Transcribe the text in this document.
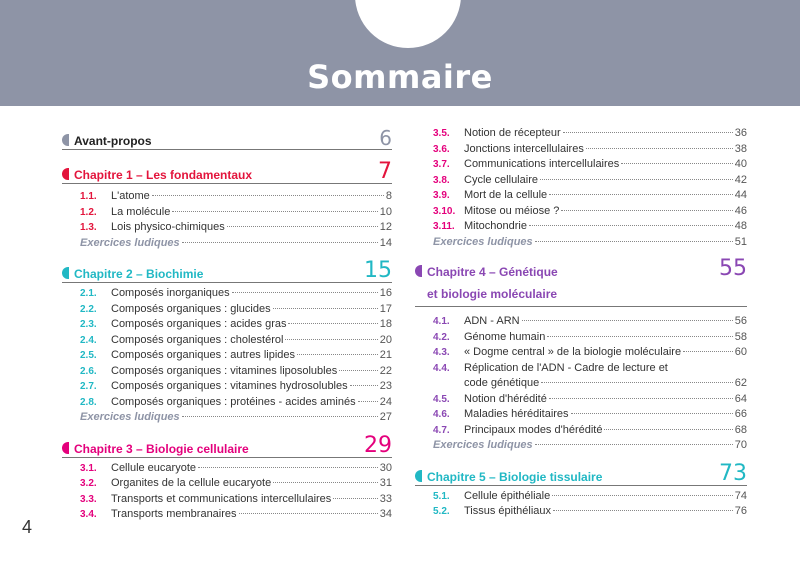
Sommaire
Avant-propos	6
Chapitre 1 – Les fondamentaux	7
1.1.	L'atome	8
1.2.	La molécule	10
1.3.	Lois physico-chimiques	12
Exercices ludiques	14
Chapitre 2 – Biochimie	15
2.1.	Composés inorganiques	16
2.2.	Composés organiques : glucides	17
2.3.	Composés organiques : acides gras	18
2.4.	Composés organiques : cholestérol	20
2.5.	Composés organiques : autres lipides	21
2.6.	Composés organiques : vitamines liposolubles	22
2.7.	Composés organiques : vitamines hydrosolubles	23
2.8.	Composés organiques : protéines - acides aminés 24
Exercices ludiques	27
Chapitre 3 – Biologie cellulaire	29
3.1.	Cellule eucaryote	30
3.2.	Organites de la cellule eucaryote	31
3.3.	Transports et communications intercellulaires	33
3.4.	Transports membranaires	34
3.5.	Notion de récepteur	36
3.6.	Jonctions intercellulaires	38
3.7.	Communications intercellulaires	40
3.8.	Cycle cellulaire	42
3.9.	Mort de la cellule	44
3.10. Mitose ou méiose ?	46
3.11. Mitochondrie	48
Exercices ludiques	51
Chapitre 4 – Génétique	55
et biologie moléculaire
4.1.	ADN - ARN	56
4.2.	Génome humain	58
4.3.	« Dogme central » de la biologie moléculaire	60
4.4.	Réplication de l'ADN - Cadre de lecture et
code génétique	62
4.5.	Notion d'hérédité	64
4.6.	Maladies héréditaires	66
4.7.	Principaux modes d'hérédité	68
Exercices ludiques	70
Chapitre 5 – Biologie tissulaire	73
5.1.	Cellule épithéliale	74
5.2.	Tissus épithéliaux	76
4
